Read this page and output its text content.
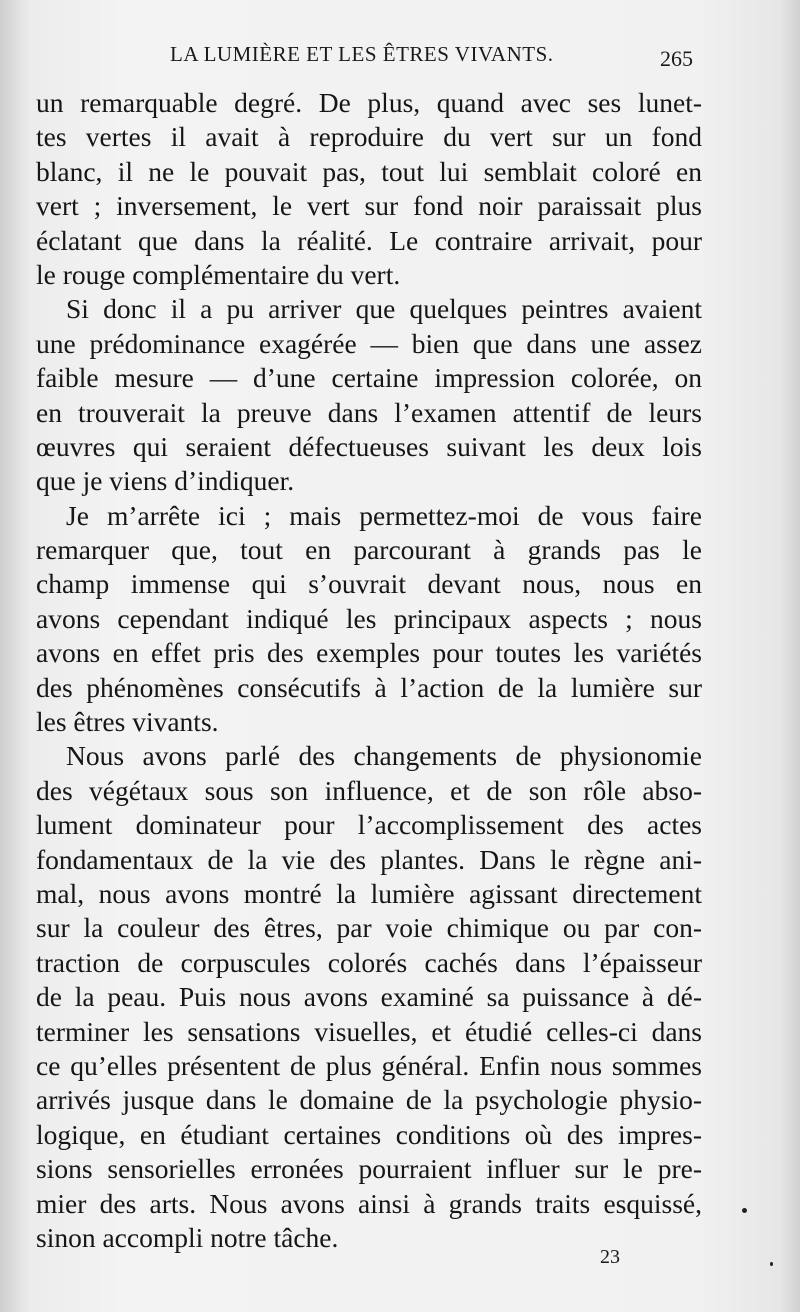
LA LUMIÈRE ET LES ÊTRES VIVANTS.	265
un remarquable degré. De plus, quand avec ses lunet-
tes vertes il avait à reproduire du vert sur un fond
blanc, il ne le pouvait pas, tout lui semblait coloré en
vert ; inversement, le vert sur fond noir paraissait plus
éclatant que dans la réalité. Le contraire arrivait, pour
le rouge complémentaire du vert.
Si donc il a pu arriver que quelques peintres avaient
une prédominance exagérée — bien que dans une assez
faible mesure — d’une certaine impression colorée, on
en trouverait la preuve dans l’examen attentif de leurs
œuvres qui seraient défectueuses suivant les deux lois
que je viens d’indiquer.
Je m’arrête ici ; mais permettez-moi de vous faire
remarquer que, tout en parcourant à grands pas le
champ immense qui s’ouvrait devant nous, nous en
avons cependant indiqué les principaux aspects ; nous
avons en effet pris des exemples pour toutes les variétés
des phénomènes consécutifs à l’action de la lumière sur
les êtres vivants.
Nous avons parlé des changements de physionomie
des végétaux sous son influence, et de son rôle abso-
lument dominateur pour l’accomplissement des actes
fondamentaux de la vie des plantes. Dans le règne ani-
mal, nous avons montré la lumière agissant directement
sur la couleur des êtres, par voie chimique ou par con-
traction de corpuscules colorés cachés dans l’épaisseur
de la peau. Puis nous avons examiné sa puissance à dé-
terminer les sensations visuelles, et étudié celles-ci dans
ce qu’elles présentent de plus général. Enfin nous sommes
arrivés jusque dans le domaine de la psychologie physio-
logique, en étudiant certaines conditions où des impres-
sions sensorielles erronées pourraient influer sur le pre-
mier des arts. Nous avons ainsi à grands traits esquissé,
sinon accompli notre tâche.
23
